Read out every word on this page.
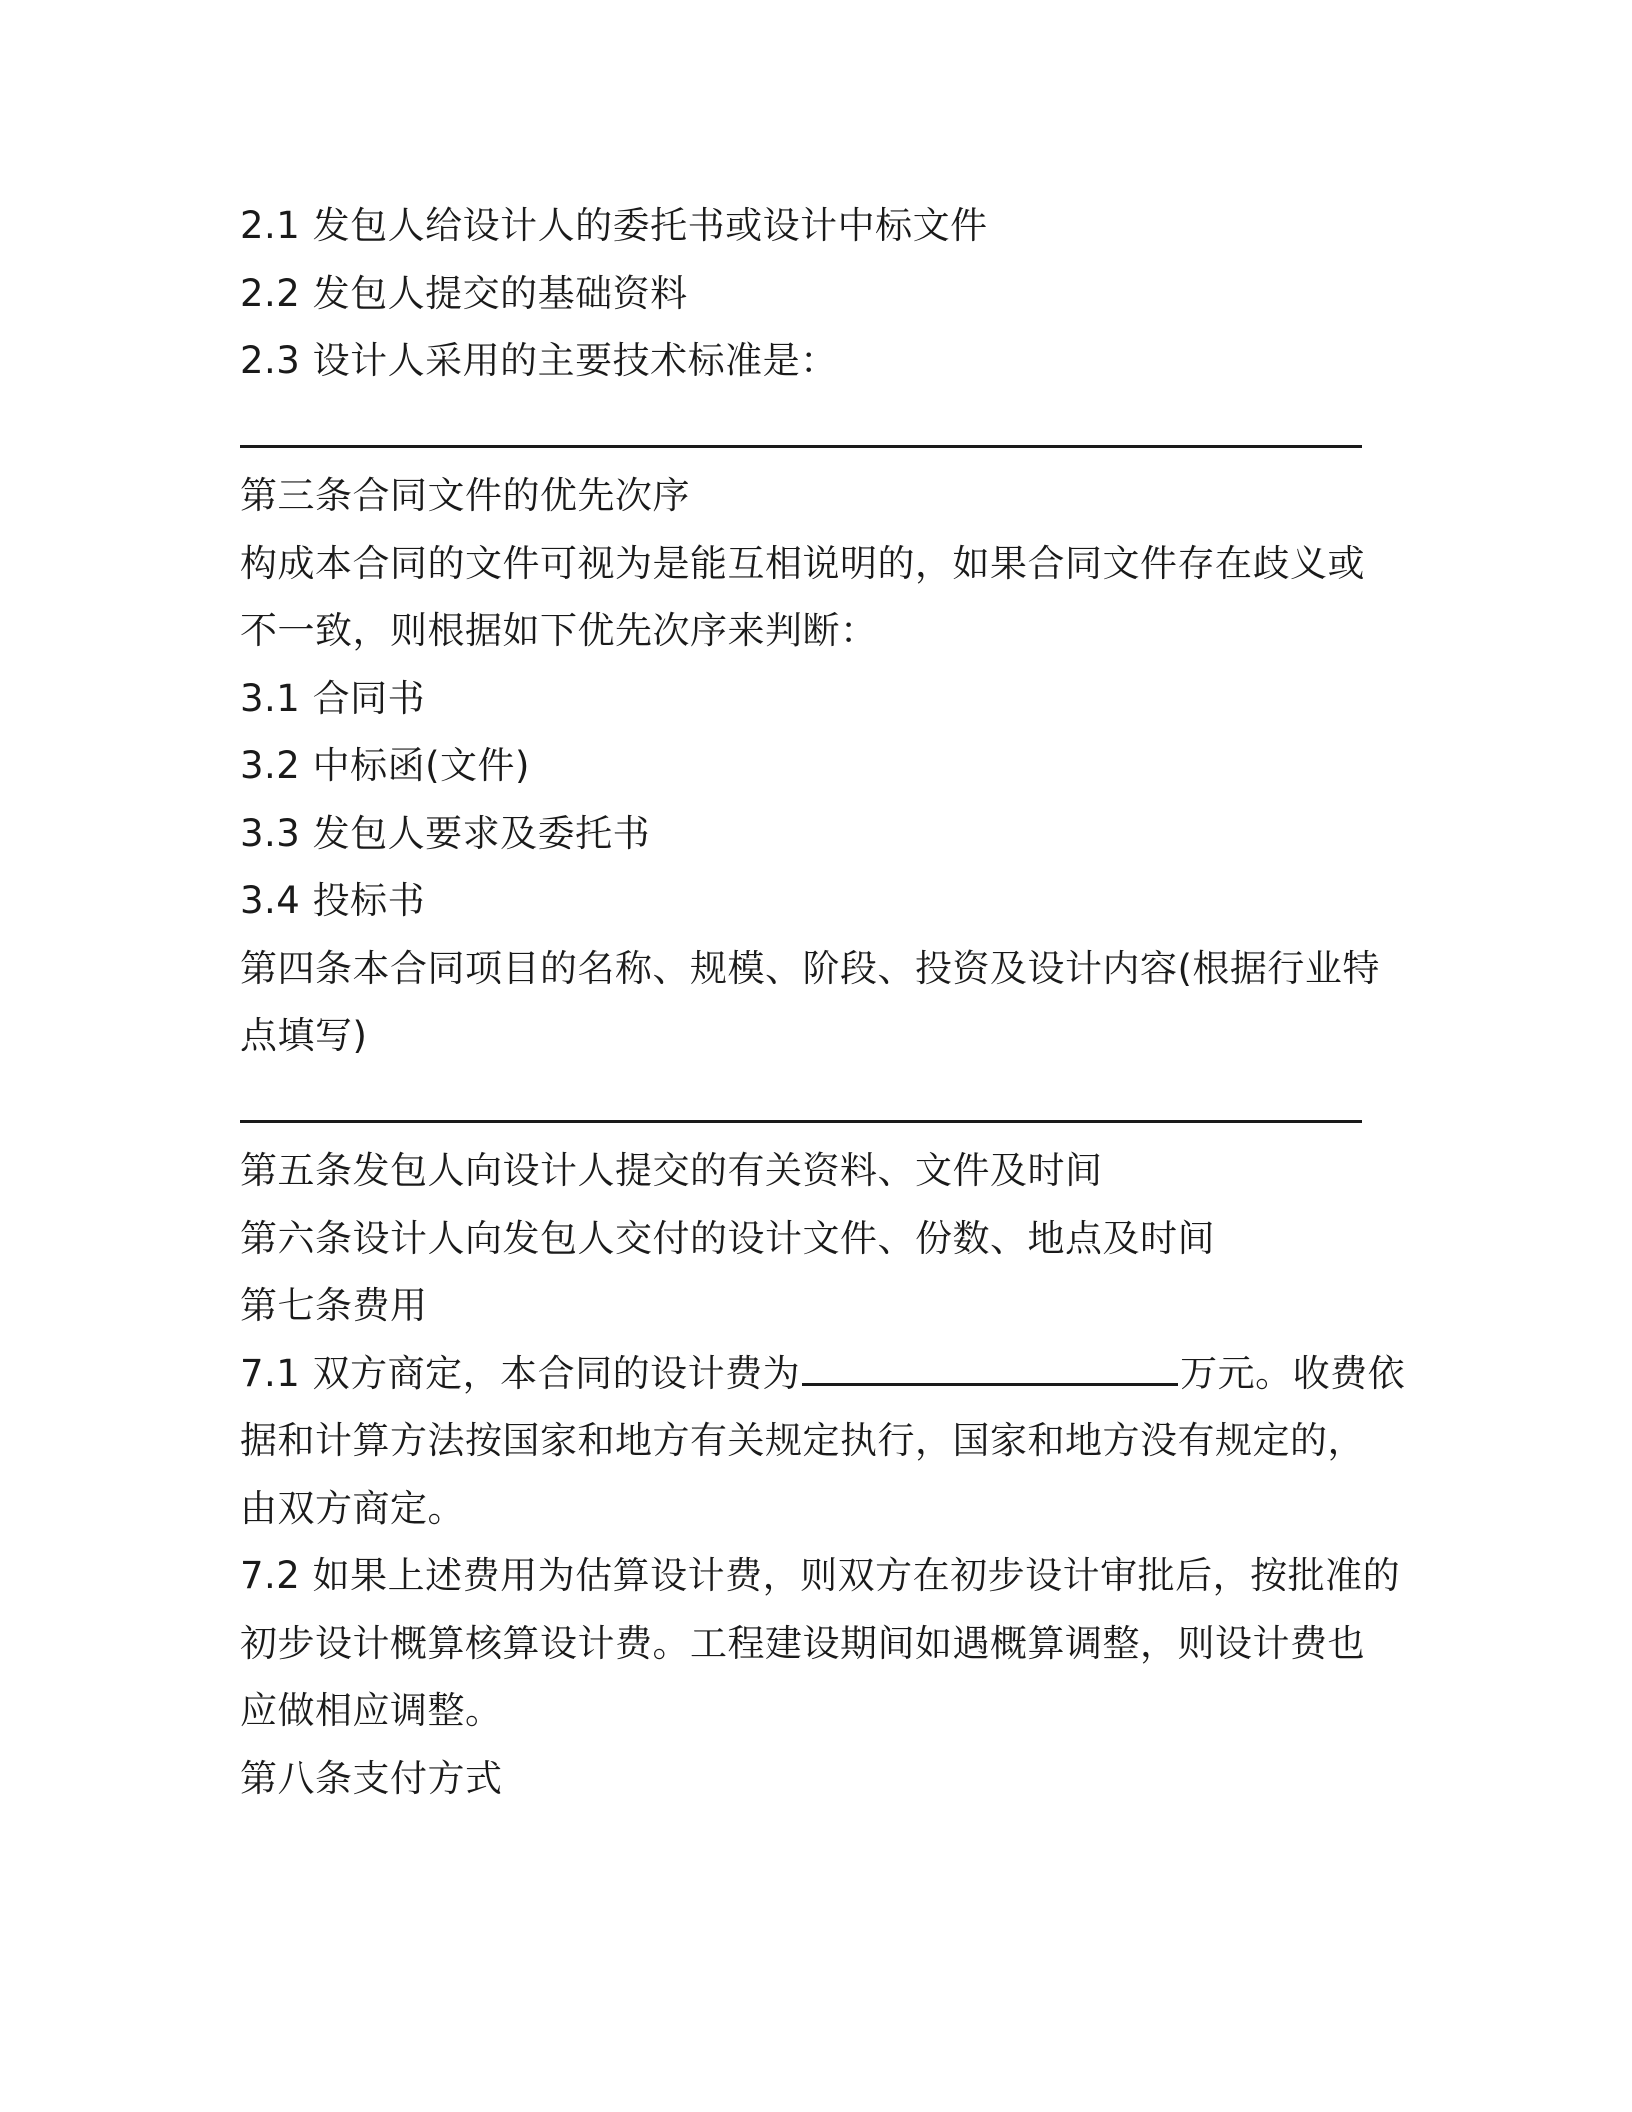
2.1 发包人给设计人的委托书或设计中标文件
2.2 发包人提交的基础资料
2.3 设计人采用的主要技术标准是：
第三条合同文件的优先次序
构成本合同的文件可视为是能互相说明的，如果合同文件存在歧义或
不一致，则根据如下优先次序来判断：
3.1 合同书
3.2 中标函(文件)
3.3 发包人要求及委托书
3.4 投标书
第四条本合同项目的名称、规模、阶段、投资及设计内容(根据行业特
点填写)
第五条发包人向设计人提交的有关资料、文件及时间
第六条设计人向发包人交付的设计文件、份数、地点及时间
第七条费用
7.1 双方商定，本合同的设计费为	万元。收费依
据和计算方法按国家和地方有关规定执行，国家和地方没有规定的，
由双方商定。
7.2 如果上述费用为估算设计费，则双方在初步设计审批后，按批准的
初步设计概算核算设计费。工程建设期间如遇概算调整，则设计费也
应做相应调整。
第八条支付方式
